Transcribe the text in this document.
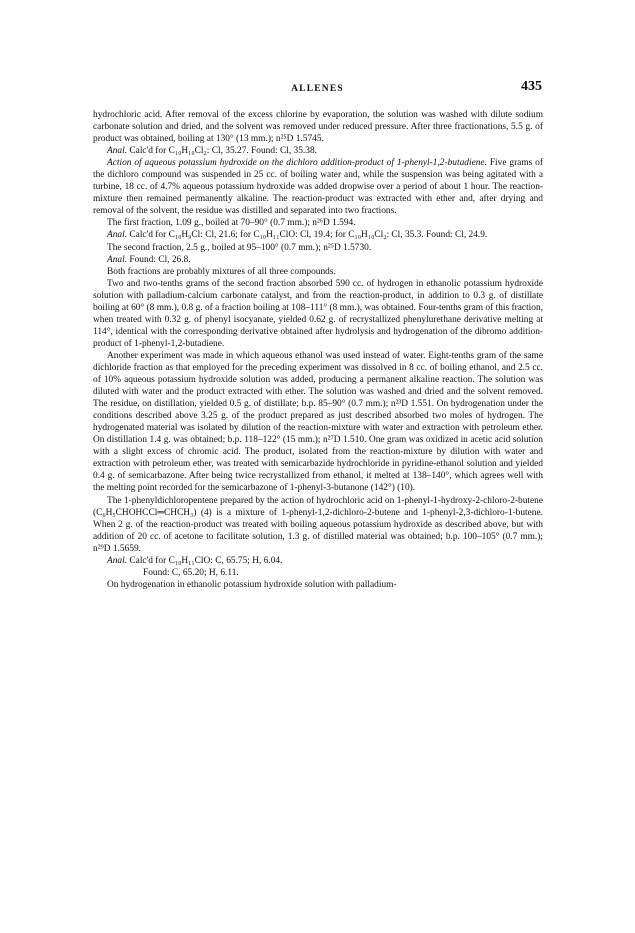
ALLENES	435

hydrochloric acid. After removal of the excess chlorine by evaporation, the solution was washed with dilute sodium carbonate solution and dried, and the solvent was removed under reduced pressure. After three fractionations, 5.5 g. of product was obtained, boiling at 130° (13 mm.); n²⁵D 1.5745.

Anal. Calc'd for C₁₀H₁₀Cl₂: Cl, 35.27. Found: Cl, 35.38.

Action of aqueous potassium hydroxide on the dichloro addition-product of 1-phenyl-1,2-butadiene. Five grams of the dichloro compound was suspended in 25 cc. of boiling water and, while the suspension was being agitated with a turbine, 18 cc. of 4.7% aqueous potassium hydroxide was added dropwise over a period of about 1 hour. The reaction-mixture then remained permanently alkaline. The reaction-product was extracted with ether and, after drying and removal of the solvent, the residue was distilled and separated into two fractions.

The first fraction, 1.09 g., boiled at 70–90° (0.7 mm.); n²⁶D 1.594.

Anal. Calc'd for C₁₀H₉Cl: Cl, 21.6; for C₁₀H₁₁ClO: Cl, 19.4; for C₁₀H₁₀Cl₂: Cl, 35.3. Found: Cl, 24.9.

The second fraction, 2.5 g., boiled at 95–100° (0.7 mm.); n²⁵D 1.5730.

Anal. Found: Cl, 26.8.

Both fractions are probably mixtures of all three compounds.

Two and two-tenths grams of the second fraction absorbed 590 cc. of hydrogen in ethanolic potassium hydroxide solution with palladium-calcium carbonate catalyst, and from the reaction-product, in addition to 0.3 g. of distillate boiling at 60° (8 mm.), 0.8 g. of a fraction boiling at 108–111° (8 mm.), was obtained. Four-tenths gram of this fraction, when treated with 0.32 g. of phenyl isocyanate, yielded 0.62 g. of recrystallized phenylurethane derivative melting at 114°, identical with the corresponding derivative obtained after hydrolysis and hydrogenation of the dibromo addition-product of 1-phenyl-1,2-butadiene.

Another experiment was made in which aqueous ethanol was used instead of water. Eight-tenths gram of the same dichloride fraction as that employed for the preceding experiment was dissolved in 8 cc. of boiling ethanol, and 2.5 cc. of 10% aqueous potassium hydroxide solution was added, producing a permanent alkaline reaction. The solution was diluted with water and the product extracted with ether. The solution was washed and dried and the solvent removed. The residue, on distillation, yielded 0.5 g. of distillate; b.p. 85–90° (0.7 mm.); n²³D 1.551. On hydrogenation under the conditions described above 3.25 g. of the product prepared as just described absorbed two moles of hydrogen. The hydrogenated material was isolated by dilution of the reaction-mixture with water and extraction with petroleum ether. On distillation 1.4 g. was obtained; b.p. 118–122° (15 mm.); n²⁷D 1.510. One gram was oxidized in acetic acid solution with a slight excess of chromic acid. The product, isolated from the reaction-mixture by dilution with water and extraction with petroleum ether, was treated with semicarbazide hydrochloride in pyridine-ethanol solution and yielded 0.4 g. of semicarbazone. After being twice recrystallized from ethanol, it melted at 138–140°, which agrees well with the melting point recorded for the semicarbazone of 1-phenyl-3-butanone (142°) (10).

The 1-phenyldichloropentene prepared by the action of hydrochloric acid on 1-phenyl-1-hydroxy-2-chloro-2-butene (C₆H₅CHOHCCl═CHCH₃) (4) is a mixture of 1-phenyl-1,2-dichloro-2-butene and 1-phenyl-2,3-dichloro-1-butene. When 2 g. of the reaction-product was treated with boiling aqueous potassium hydroxide as described above, but with addition of 20 cc. of acetone to facilitate solution, 1.3 g. of distilled material was obtained; b.p. 100–105° (0.7 mm.); n²⁹D 1.5659.

Anal. Calc'd for C₁₀H₁₁ClO: C, 65.75; H, 6.04.

Found: C, 65.20; H, 6.11.

On hydrogenation in ethanolic potassium hydroxide solution with palladium-
